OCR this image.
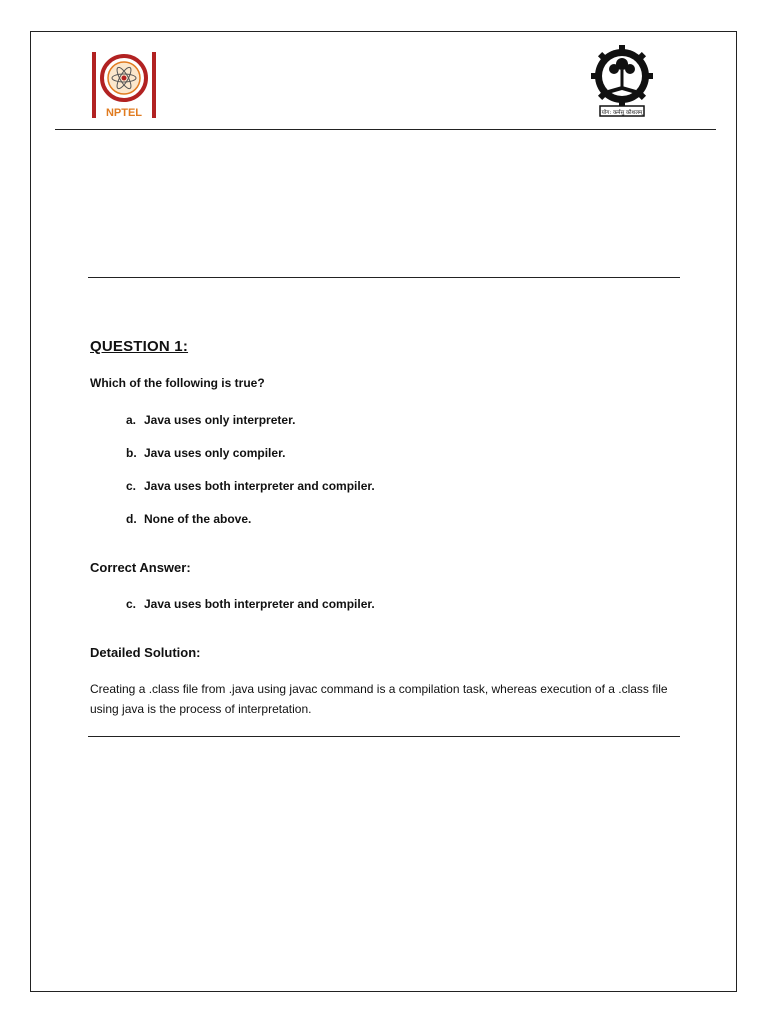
NPTEL	योग: कर्मसु कौशलम्
QUESTION 1:
Which of the following is true?
a. Java uses only interpreter.
b. Java uses only compiler.
c. Java uses both interpreter and compiler.
d. None of the above.
Correct Answer:
c. Java uses both interpreter and compiler.
Detailed Solution:
Creating a .class file from .java using javac command is a compilation task, whereas execution of a .class file using java is the process of interpretation.
